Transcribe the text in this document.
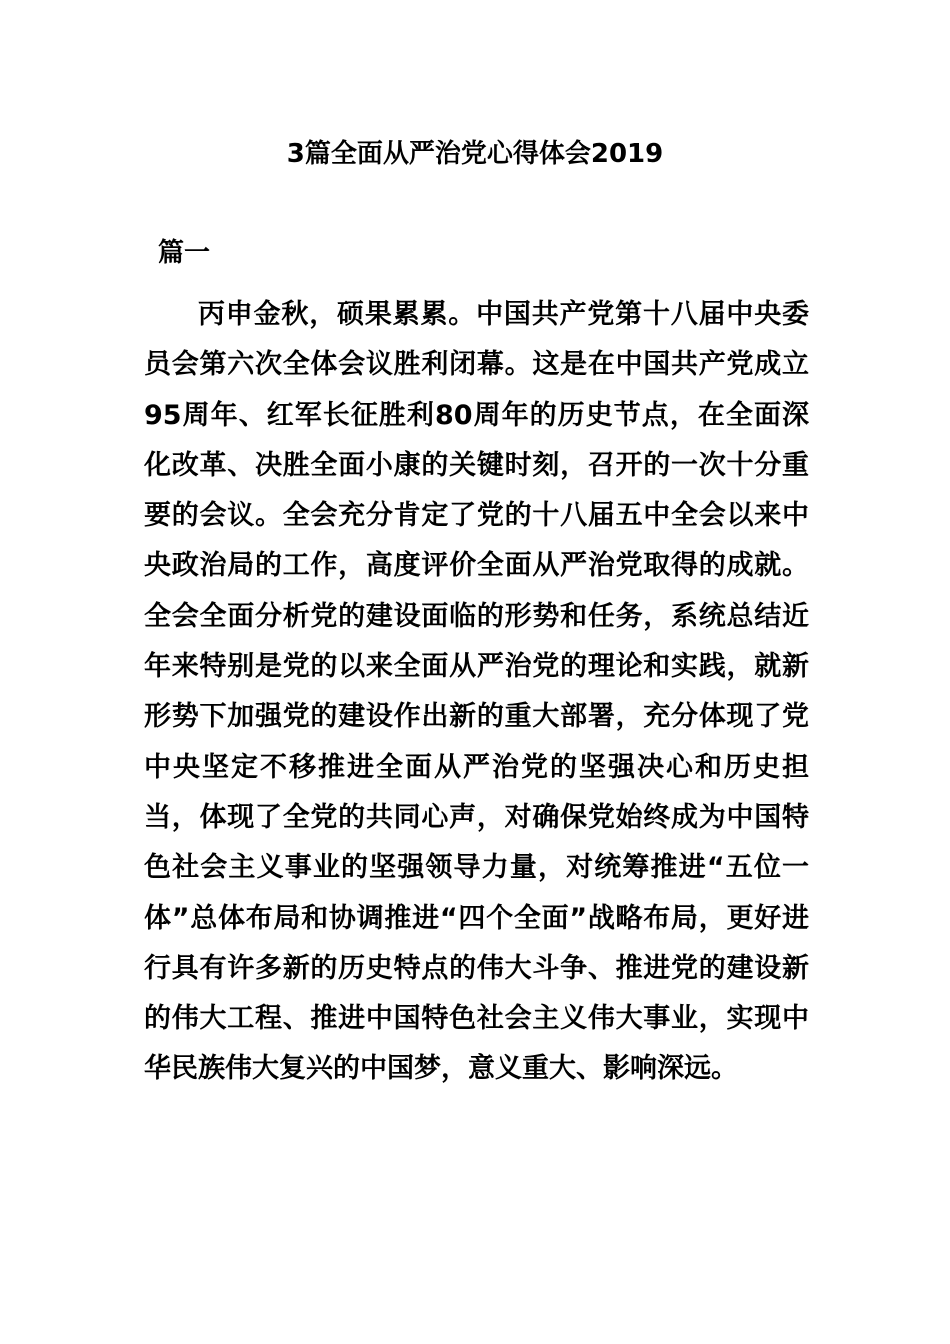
3篇全面从严治党心得体会2019
篇一

丙申金秋，硕果累累。中国共产党第十八届中央委员会第六次全体会议胜利闭幕。这是在中国共产党成立95周年、红军长征胜利80周年的历史节点，在全面深化改革、决胜全面小康的关键时刻，召开的一次十分重要的会议。全会充分肯定了党的十八届五中全会以来中央政治局的工作，高度评价全面从严治党取得的成就。全会全面分析党的建设面临的形势和任务，系统总结近年来特别是党的以来全面从严治党的理论和实践，就新形势下加强党的建设作出新的重大部署，充分体现了党中央坚定不移推进全面从严治党的坚强决心和历史担当，体现了全党的共同心声，对确保党始终成为中国特色社会主义事业的坚强领导力量，对统筹推进“五位一体”总体布局和协调推进“四个全面”战略布局，更好进行具有许多新的历史特点的伟大斗争、推进党的建设新的伟大工程、推进中国特色社会主义伟大事业，实现中华民族伟大复兴的中国梦，意义重大、影响深远。
